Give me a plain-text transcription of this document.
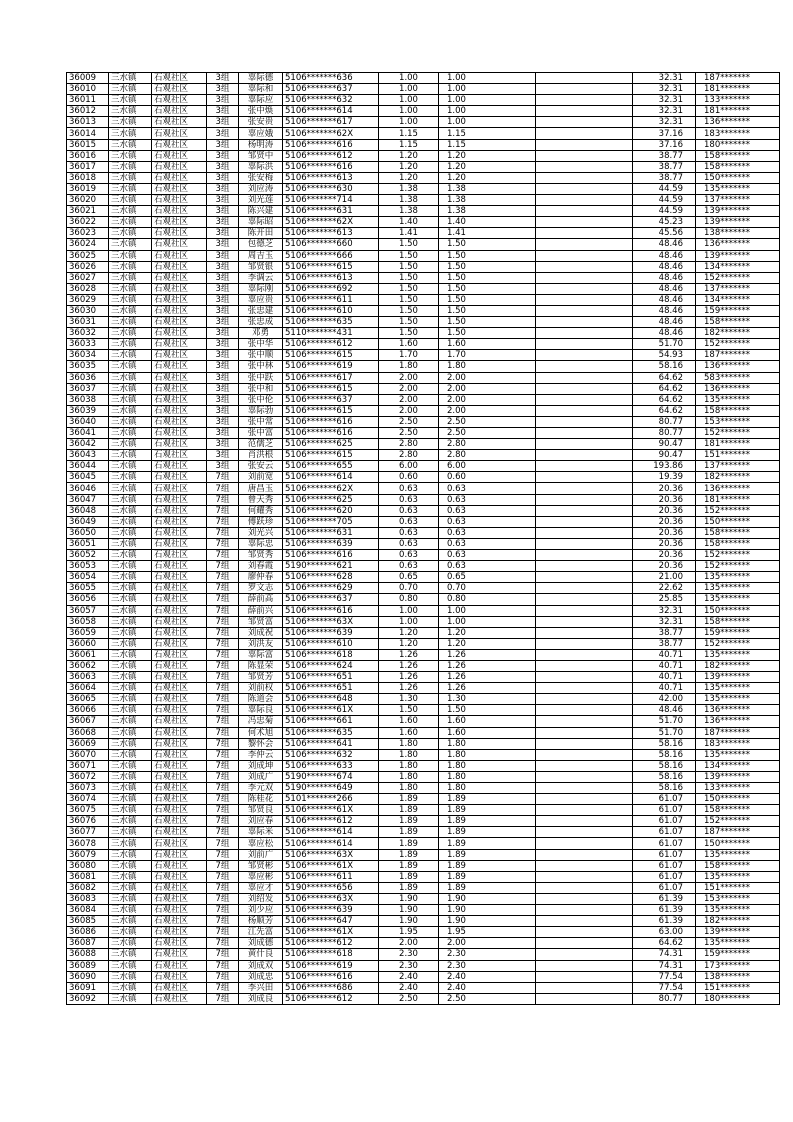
36009	三水镇	石观社区	3组	辜际德	5106*******636	1.00	1.00		32.31	187*******
36010	三水镇	石观社区	3组	辜际和	5106*******637	1.00	1.00		32.31	181*******
36011	三水镇	石观社区	3组	辜际应	5106*******632	1.00	1.00		32.31	133*******
36012	三水镇	石观社区	3组	张中焕	5106*******614	1.00	1.00		32.31	181*******
36013	三水镇	石观社区	3组	张安贵	5106*******617	1.00	1.00		32.31	136*******
36014	三水镇	石观社区	3组	辜应娥	5106*******62X	1.15	1.15		37.16	183*******
36015	三水镇	石观社区	3组	杨明涛	5106*******616	1.15	1.15		37.16	180*******
36016	三水镇	石观社区	3组	邹贤中	5106*******612	1.20	1.20		38.77	158*******
36017	三水镇	石观社区	3组	辜际洪	5106*******616	1.20	1.20		38.77	158*******
36018	三水镇	石观社区	3组	张安梅	5106*******613	1.20	1.20		38.77	150*******
36019	三水镇	石观社区	3组	刘应涛	5106*******630	1.38	1.38		44.59	135*******
36020	三水镇	石观社区	3组	刘光莲	5106*******714	1.38	1.38		44.59	137*******
36021	三水镇	石观社区	3组	陈兴建	5106*******631	1.38	1.38		44.59	139*******
36022	三水镇	石观社区	3组	辜际昭	5106*******62X	1.40	1.40		45.23	139*******
36023	三水镇	石观社区	3组	陈开田	5106*******613	1.41	1.41		45.56	138*******
36024	三水镇	石观社区	3组	包德芝	5106*******660	1.50	1.50		48.46	136*******
36025	三水镇	石观社区	3组	周吉玉	5106*******666	1.50	1.50		48.46	139*******
36026	三水镇	石观社区	3组	邹贤银	5106*******615	1.50	1.50		48.46	134*******
36027	三水镇	石观社区	3组	李调云	5106*******613	1.50	1.50		48.46	152*******
36028	三水镇	石观社区	3组	辜际刚	5106*******692	1.50	1.50		48.46	137*******
36029	三水镇	石观社区	3组	辜应贵	5106*******611	1.50	1.50		48.46	134*******
36030	三水镇	石观社区	3组	张忠建	5106*******610	1.50	1.50		48.46	159*******
36031	三水镇	石观社区	3组	张忠成	5106*******635	1.50	1.50		48.46	158*******
36032	三水镇	石观社区	3组	邓勇	5110*******431	1.50	1.50		48.46	182*******
36033	三水镇	石观社区	3组	张中华	5106*******612	1.60	1.60		51.70	152*******
36034	三水镇	石观社区	3组	张中顺	5106*******615	1.70	1.70		54.93	187*******
36035	三水镇	石观社区	3组	张中林	5106*******619	1.80	1.80		58.16	136*******
36036	三水镇	石观社区	3组	张中跃	5106*******617	2.00	2.00		64.62	583*******
36037	三水镇	石观社区	3组	张中和	5106*******615	2.00	2.00		64.62	136*******
36038	三水镇	石观社区	3组	张中伦	5106*******637	2.00	2.00		64.62	135*******
36039	三水镇	石观社区	3组	辜际勃	5106*******615	2.00	2.00		64.62	158*******
36040	三水镇	石观社区	3组	张中常	5106*******616	2.50	2.50		80.77	153*******
36041	三水镇	石观社区	3组	张中富	5106*******616	2.50	2.50		80.77	152*******
36042	三水镇	石观社区	3组	范儒芝	5106*******625	2.80	2.80		90.47	181*******
36043	三水镇	石观社区	3组	肖洪根	5106*******615	2.80	2.80		90.47	151*******
36044	三水镇	石观社区	3组	张安云	5106*******655	6.00	6.00		193.86	137*******
36045	三水镇	石观社区	7组	刘前宽	5106*******614	0.60	0.60		19.39	182*******
36046	三水镇	石观社区	7组	唐昌玉	5106*******62X	0.63	0.63		20.36	136*******
36047	三水镇	石观社区	7组	曾天秀	5106*******625	0.63	0.63		20.36	181*******
36048	三水镇	石观社区	7组	何耀秀	5106*******620	0.63	0.63		20.36	152*******
36049	三水镇	石观社区	7组	傅跃珍	5106*******705	0.63	0.63		20.36	150*******
36050	三水镇	石观社区	7组	刘光兴	5106*******631	0.63	0.63		20.36	158*******
36051	三水镇	石观社区	7组	辜际忠	5106*******639	0.63	0.63		20.36	158*******
36052	三水镇	石观社区	7组	邹贤秀	5106*******616	0.63	0.63		20.36	152*******
36053	三水镇	石观社区	7组	刘春霞	5190*******621	0.63	0.63		20.36	152*******
36054	三水镇	石观社区	7组	廖仲春	5106*******628	0.65	0.65		21.00	135*******
36055	三水镇	石观社区	7组	罗文志	5106*******629	0.70	0.70		22.62	135*******
36056	三水镇	石观社区	7组	薛前高	5106*******637	0.80	0.80		25.85	135*******
36057	三水镇	石观社区	7组	薛前兴	5106*******616	1.00	1.00		32.31	150*******
36058	三水镇	石观社区	7组	邹贤富	5106*******63X	1.00	1.00		32.31	158*******
36059	三水镇	石观社区	7组	刘成祝	5106*******639	1.20	1.20		38.77	159*******
36060	三水镇	石观社区	7组	刘洪友	5106*******610	1.20	1.20		38.77	152*******
36061	三水镇	石观社区	7组	辜际富	5106*******618	1.26	1.26		40.71	135*******
36062	三水镇	石观社区	7组	陈显荣	5106*******624	1.26	1.26		40.71	182*******
36063	三水镇	石观社区	7组	邹贤芳	5106*******651	1.26	1.26		40.71	139*******
36064	三水镇	石观社区	7组	刘前权	5106*******651	1.26	1.26		40.71	135*******
36065	三水镇	石观社区	7组	陈道会	5106*******648	1.30	1.30		42.00	135*******
36066	三水镇	石观社区	7组	辜际良	5106*******61X	1.50	1.50		48.46	136*******
36067	三水镇	石观社区	7组	冯忠菊	5106*******661	1.60	1.60		51.70	136*******
36068	三水镇	石观社区	7组	何术旭	5106*******635	1.60	1.60		51.70	187*******
36069	三水镇	石观社区	7组	黎怀会	5106*******641	1.80	1.80		58.16	183*******
36070	三水镇	石观社区	7组	李仲云	5106*******632	1.80	1.80		58.16	135*******
36071	三水镇	石观社区	7组	刘成坤	5106*******633	1.80	1.80		58.16	134*******
36072	三水镇	石观社区	7组	刘成广	5190*******674	1.80	1.80		58.16	139*******
36073	三水镇	石观社区	7组	李元双	5190*******649	1.80	1.80		58.16	133*******
36074	三水镇	石观社区	7组	陈桂花	5101*******266	1.89	1.89		61.07	150*******
36075	三水镇	石观社区	7组	邹贤良	5106*******61X	1.89	1.89		61.07	158*******
36076	三水镇	石观社区	7组	刘应春	5106*******612	1.89	1.89		61.07	152*******
36077	三水镇	石观社区	7组	辜际米	5106*******614	1.89	1.89		61.07	187*******
36078	三水镇	石观社区	7组	辜应松	5106*******614	1.89	1.89		61.07	150*******
36079	三水镇	石观社区	7组	刘前广	5106*******63X	1.89	1.89		61.07	135*******
36080	三水镇	石观社区	7组	邹贤彬	5106*******61X	1.89	1.89		61.07	158*******
36081	三水镇	石观社区	7组	辜应彬	5106*******611	1.89	1.89		61.07	135*******
36082	三水镇	石观社区	7组	辜应才	5190*******656	1.89	1.89		61.07	151*******
36083	三水镇	石观社区	7组	刘绍发	5106*******63X	1.90	1.90		61.39	153*******
36084	三水镇	石观社区	7组	刘少应	5106*******639	1.90	1.90		61.39	135*******
36085	三水镇	石观社区	7组	杨顺芳	5106*******647	1.90	1.90		61.39	182*******
36086	三水镇	石观社区	7组	江先富	5106*******61X	1.95	1.95		63.00	139*******
36087	三水镇	石观社区	7组	刘成德	5106*******612	2.00	2.00		64.62	135*******
36088	三水镇	石观社区	7组	黄什良	5106*******618	2.30	2.30		74.31	159*******
36089	三水镇	石观社区	7组	刘成双	5106*******619	2.30	2.30		74.31	173*******
36090	三水镇	石观社区	7组	刘成忠	5106*******616	2.40	2.40		77.54	138*******
36091	三水镇	石观社区	7组	李兴田	5106*******686	2.40	2.40		77.54	151*******
36092	三水镇	石观社区	7组	刘成良	5106*******612	2.50	2.50		80.77	180*******
